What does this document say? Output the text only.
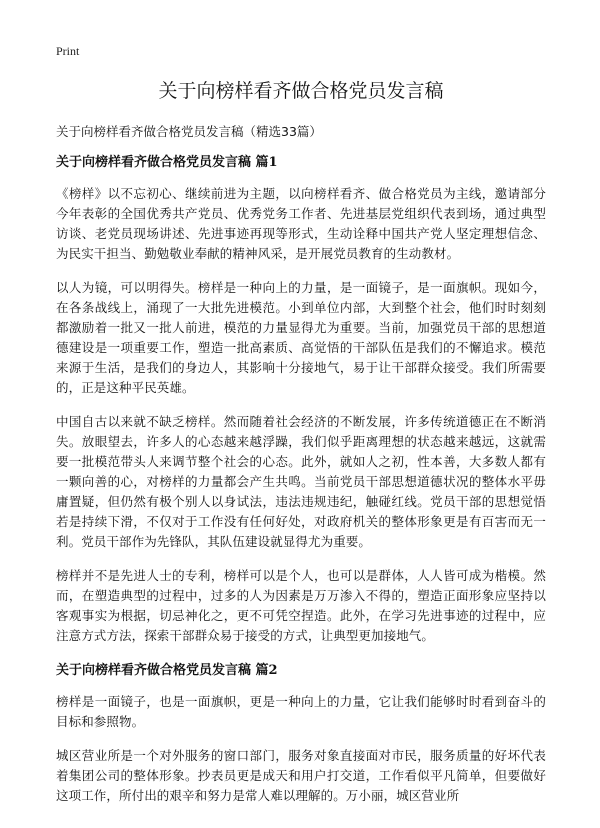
Print
关于向榜样看齐做合格党员发言稿
关于向榜样看齐做合格党员发言稿（精选33篇）
关于向榜样看齐做合格党员发言稿 篇1

《榜样》以不忘初心、继续前进为主题，以向榜样看齐、做合格党员为主线，邀请部分今年表彰的全国优秀共产党员、优秀党务工作者、先进基层党组织代表到场，通过典型访谈、老党员现场讲述、先进事迹再现等形式，生动诠释中国共产党人坚定理想信念、为民实干担当、勤勉敬业奉献的精神风采，是开展党员教育的生动教材。

以人为镜，可以明得失。榜样是一种向上的力量，是一面镜子，是一面旗帜。现如今，在各条战线上，涌现了一大批先进模范。小到单位内部，大到整个社会，他们时时刻刻都激励着一批又一批人前进，模范的力量显得尤为重要。当前，加强党员干部的思想道德建设是一项重要工作，塑造一批高素质、高觉悟的干部队伍是我们的不懈追求。模范来源于生活，是我们的身边人，其影响十分接地气，易于让干部群众接受。我们所需要的，正是这种平民英雄。

中国自古以来就不缺乏榜样。然而随着社会经济的不断发展，许多传统道德正在不断消失。放眼望去，许多人的心态越来越浮躁，我们似乎距离理想的状态越来越远，这就需要一批模范带头人来调节整个社会的心态。此外，就如人之初，性本善，大多数人都有一颗向善的心，对榜样的力量都会产生共鸣。当前党员干部思想道德状况的整体水平毋庸置疑，但仍然有极个别人以身试法，违法违规违纪，触碰红线。党员干部的思想觉悟若是持续下滑，不仅对于工作没有任何好处，对政府机关的整体形象更是有百害而无一利。党员干部作为先锋队，其队伍建设就显得尤为重要。

榜样并不是先进人士的专利，榜样可以是个人，也可以是群体，人人皆可成为楷模。然而，在塑造典型的过程中，过多的人为因素是万万渗入不得的，塑造正面形象应坚持以客观事实为根据，切忌神化之，更不可凭空捏造。此外，在学习先进事迹的过程中，应注意方式方法，探索干部群众易于接受的方式，让典型更加接地气。

关于向榜样看齐做合格党员发言稿 篇2

榜样是一面镜子，也是一面旗帜，更是一种向上的力量，它让我们能够时时看到奋斗的目标和参照物。

城区营业所是一个对外服务的窗口部门，服务对象直接面对市民，服务质量的好坏代表着集团公司的整体形象。抄表员更是成天和用户打交道，工作看似平凡简单，但要做好这项工作，所付出的艰辛和努力是常人难以理解的。万小丽，城区营业所
